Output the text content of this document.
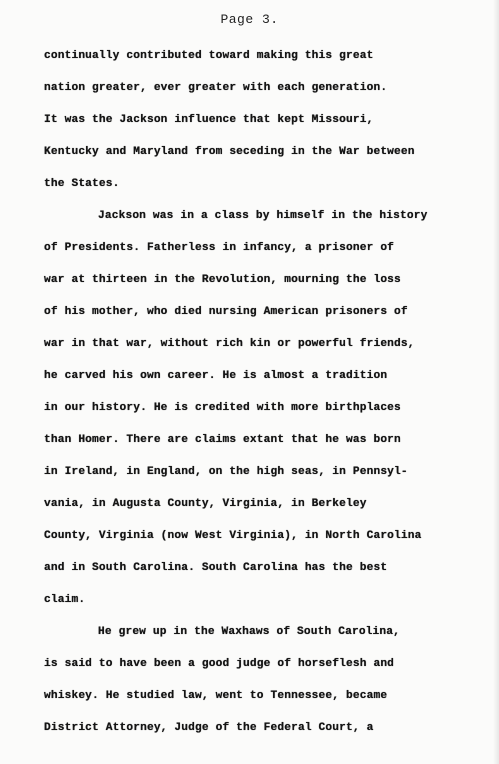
Page 3.
continually contributed toward making this great
nation greater, ever greater with each generation.
It was the Jackson influence that kept Missouri,
Kentucky and Maryland from seceding in the War between
the States.
Jackson was in a class by himself in the history
of Presidents. Fatherless in infancy, a prisoner of
war at thirteen in the Revolution, mourning the loss
of his mother, who died nursing American prisoners of
war in that war, without rich kin or powerful friends,
he carved his own career. He is almost a tradition
in our history. He is credited with more birthplaces
than Homer. There are claims extant that he was born
in Ireland, in England, on the high seas, in Pennsyl-
vania, in Augusta County, Virginia, in Berkeley
County, Virginia (now West Virginia), in North Carolina
and in South Carolina. South Carolina has the best
claim.
He grew up in the Waxhaws of South Carolina,
is said to have been a good judge of horseflesh and
whiskey. He studied law, went to Tennessee, became
District Attorney, Judge of the Federal Court, a
